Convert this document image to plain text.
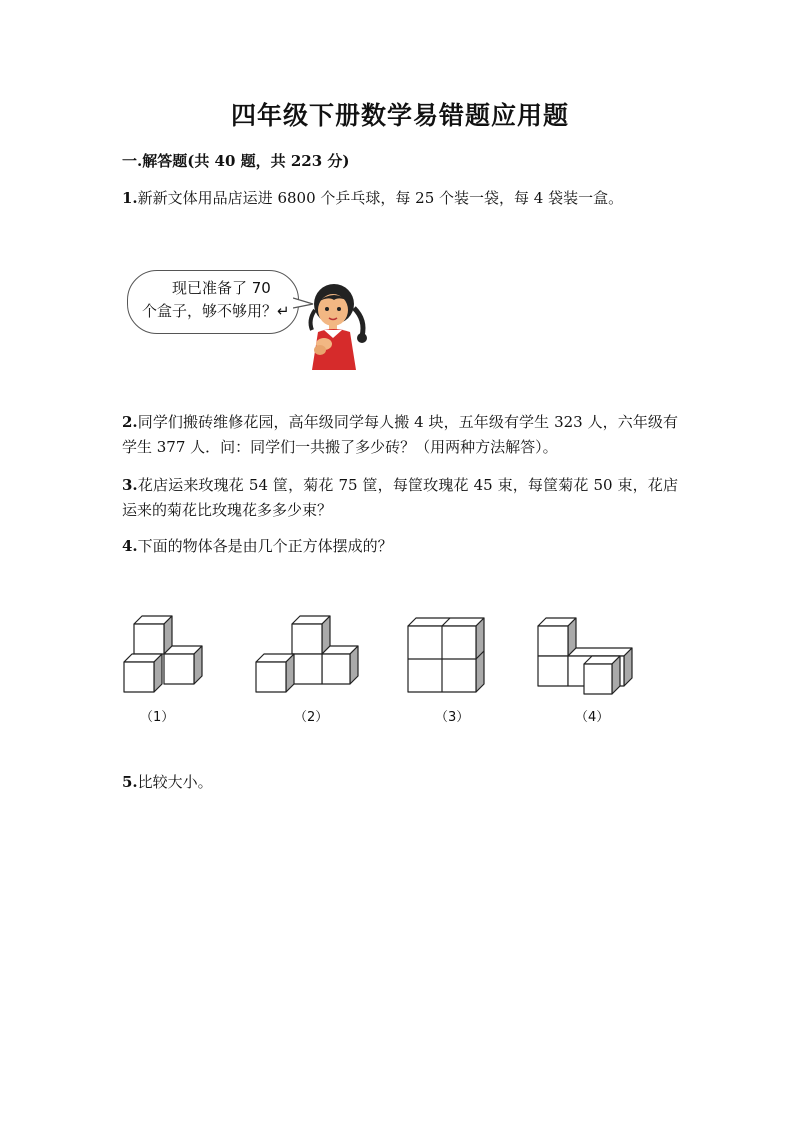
四年级下册数学易错题应用题
一.解答题(共 40 题，共 223 分)
1.新新文体用品店运进 6800 个乒乓球，每 25 个装一袋，每 4 袋装一盒。
现已准备了 70
个盒子，够不够用？↵
2.同学们搬砖维修花园，高年级同学每人搬 4 块，五年级有学生 323 人，六年级有学生 377 人．问：同学们一共搬了多少砖？（用两种方法解答）。
3.花店运来玫瑰花 54 筐，菊花 75 筐，每筐玫瑰花 45 束，每筐菊花 50 束，花店运来的菊花比玫瑰花多多少束？
4.下面的物体各是由几个正方体摆成的？
（1）	（2）	（3）	（4）
5.比较大小。
